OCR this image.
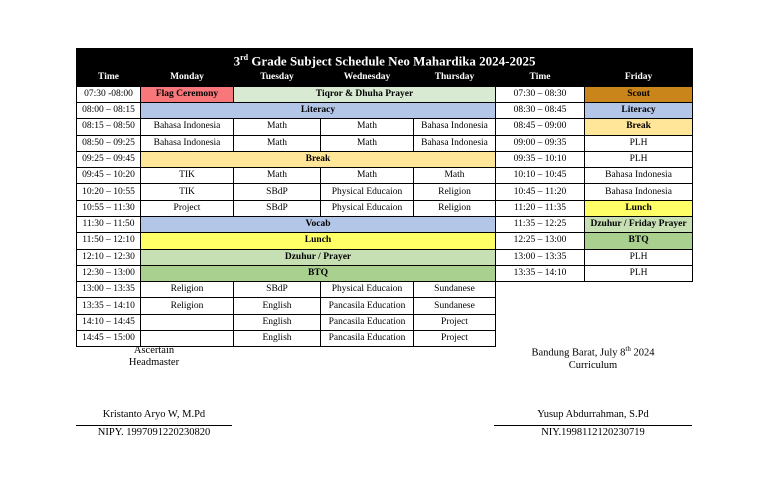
3rd Grade Subject Schedule Neo Mahardika 2024-2025						
Time	Monday	Tuesday	Wednesday	Thursday	Time	Friday
07:30 -08:00	Flag Ceremony	Tiqror & Dhuha Prayer			07:30 – 08:30	Scout
08:00 – 08:15	Literacy				08:30 – 08:45	Literacy
08:15 – 08:50	Bahasa Indonesia	Math	Math	Bahasa Indonesia	08:45 – 09:00	Break
08:50 – 09:25	Bahasa Indonesia	Math	Math	Bahasa Indonesia	09:00 – 09:35	PLH
09:25 – 09:45	Break				09:35 – 10:10	PLH
09:45 – 10:20	TIK	Math	Math	Math	10:10 – 10:45	Bahasa Indonesia
10:20 – 10:55	TIK	SBdP	Physical Educaion	Religion	10:45 – 11:20	Bahasa Indonesia
10:55 – 11:30	Project	SBdP	Physical Educaion	Religion	11:20 – 11:35	Lunch
11:30 – 11:50	Vocab				11:35 – 12:25	Dzuhur / Friday Prayer
11:50 – 12:10	Lunch				12:25 – 13:00	BTQ
12:10 – 12:30	Dzuhur / Prayer				13:00 – 13:35	PLH
12:30 – 13:00	BTQ				13:35 – 14:10	PLH
13:00 – 13:35	Religion	SBdP	Physical Educaion	Sundanese		
13:35 – 14:10	Religion	English	Pancasila Education	Sundanese		
14:10 – 14:45		English	Pancasila Education	Project		
14:45 – 15:00		English	Pancasila Education	Project		
Ascertain
Headmaster
Kristanto Aryo W, M.Pd
NIPY. 1997091220230820
Bandung Barat, July 8th 2024
Curriculum
Yusup Abdurrahman, S.Pd
NIY.1998112120230719
